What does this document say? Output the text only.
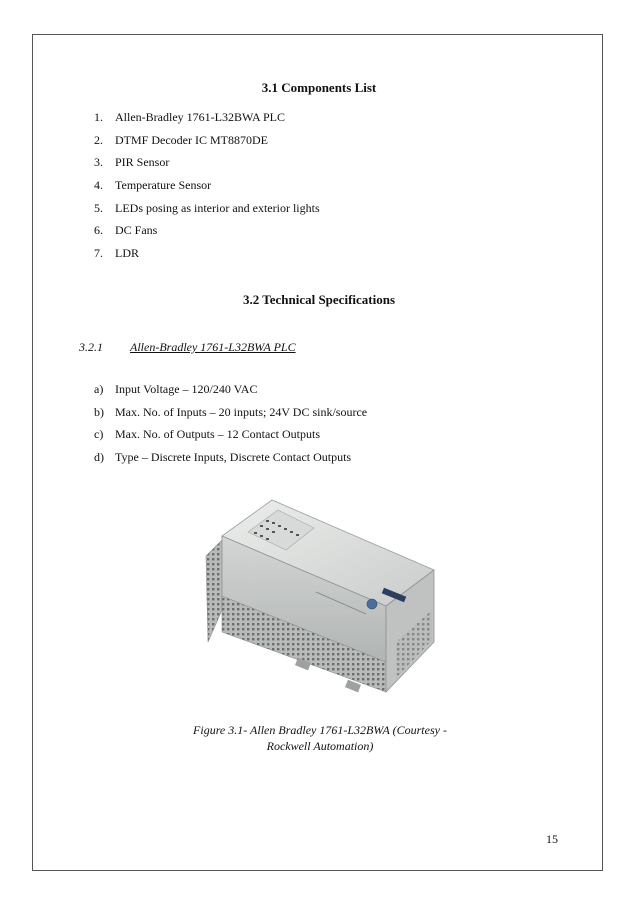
3.1 Components List
1.	Allen-Bradley 1761-L32BWA PLC
2.	DTMF Decoder IC MT8870DE
3.	PIR Sensor
4.	Temperature Sensor
5.	LEDs posing as interior and exterior lights
6.	DC Fans
7.	LDR
3.2 Technical Specifications
3.2.1	Allen-Bradley 1761-L32BWA PLC
a) Input Voltage – 120/240 VAC
b) Max. No. of Inputs – 20 inputs; 24V DC sink/source
c) Max. No. of Outputs – 12 Contact Outputs
d) Type – Discrete Inputs, Discrete Contact Outputs
Figure 3.1- Allen Bradley 1761-L32BWA (Courtesy -
Rockwell Automation)
15
